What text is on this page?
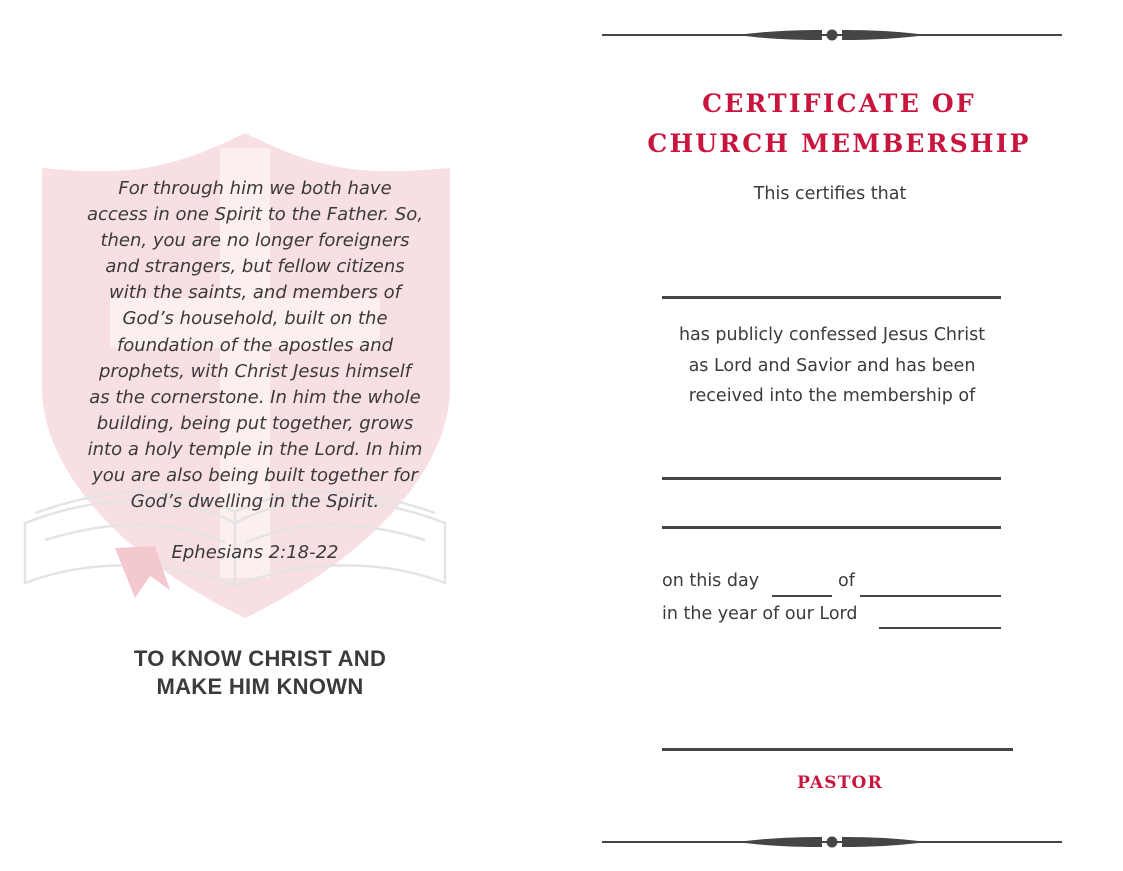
For through him we both have
access in one Spirit to the Father. So,
then, you are no longer foreigners
and strangers, but fellow citizens
with the saints, and members of
God’s household, built on the
foundation of the apostles and
prophets, with Christ Jesus himself
as the cornerstone. In him the whole
building, being put together, grows
into a holy temple in the Lord. In him
you are also being built together for
God’s dwelling in the Spirit.
Ephesians 2:18-22
TO KNOW CHRIST AND
MAKE HIM KNOWN
CERTIFICATE OF
CHURCH MEMBERSHIP
This certifies that
has publicly confessed Jesus Christ
as Lord and Savior and has been
received into the membership of
on this day	of
in the year of our Lord
PASTOR
